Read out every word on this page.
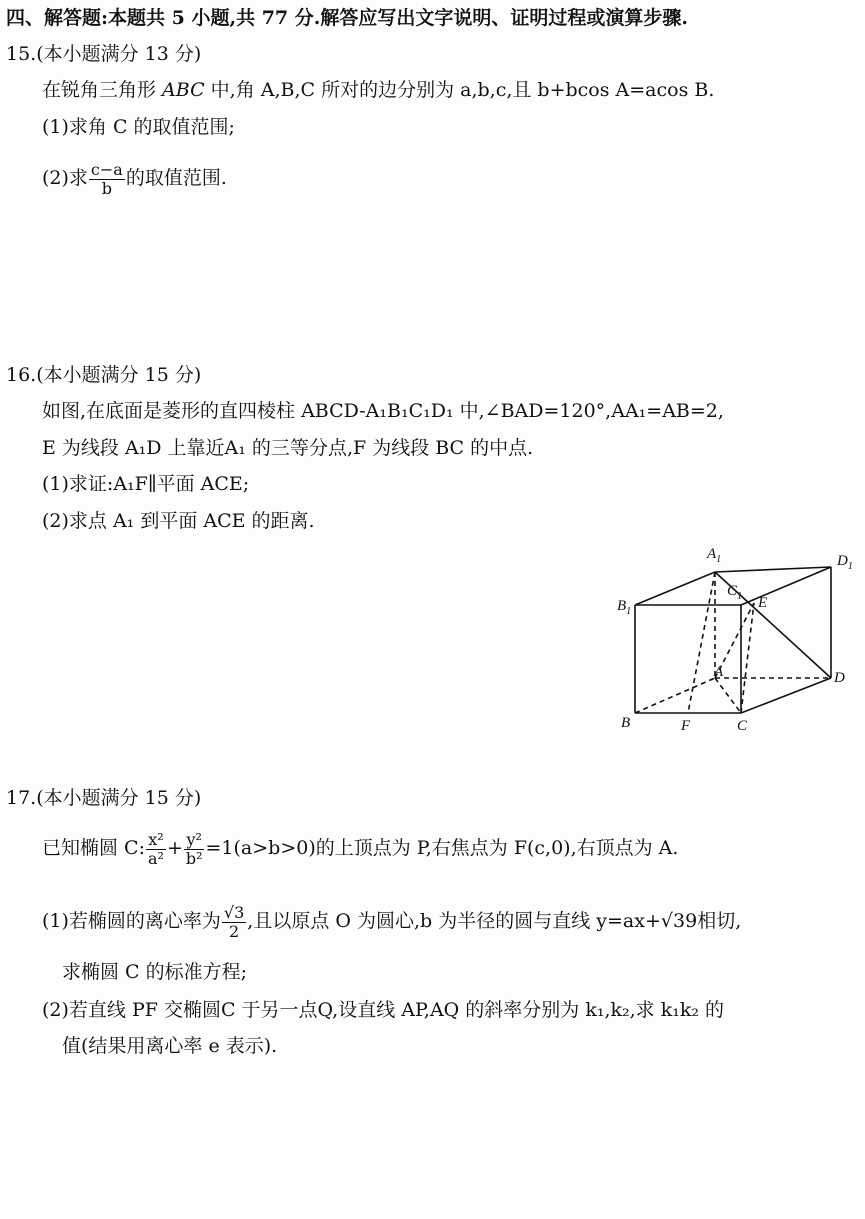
四、解答题:本题共 5 小题,共 77 分.解答应写出文字说明、证明过程或演算步骤.
15.(本小题满分 13 分)
在锐角三角形 ABC 中,角 A,B,C 所对的边分别为 a,b,c,且 b+bcos A=acos B.
(1)求角 C 的取值范围;
(2)求 $\frac{c-a}{b}$ 的取值范围.
16.(本小题满分 15 分)
如图,在底面是菱形的直四棱柱 ABCD-A₁B₁C₁D₁ 中,∠BAD=120°,AA₁=AB=2,
E 为线段 A₁D 上靠近A₁ 的三等分点,F 为线段 BC 的中点.
(1)求证:A₁F∥平面 ACE;
(2)求点 A₁ 到平面 ACE 的距离.
$A_1$	$D_1$
$B_1$
$C_1$ E
A	D
B	F	C
17.(本小题满分 15 分)
已知椭圆 C: $\frac{\text{x²}}{\text{a²}} + \frac{\text{y²}}{\text{b²}} =1(a>b>0)$的上顶点为 P,右焦点为 F(c,0),右顶点为 A.
(1)若椭圆的离心率为 $\frac{√3}{2}$ ,且以原点 O 为圆心,b 为半径的圆与直线 y=ax+√39相切,
求椭圆 C 的标准方程;
(2)若直线 PF 交椭圆C 于另一点Q,设直线 AP,AQ 的斜率分别为 k₁,k₂,求 k₁k₂ 的
值(结果用离心率 e 表示).
